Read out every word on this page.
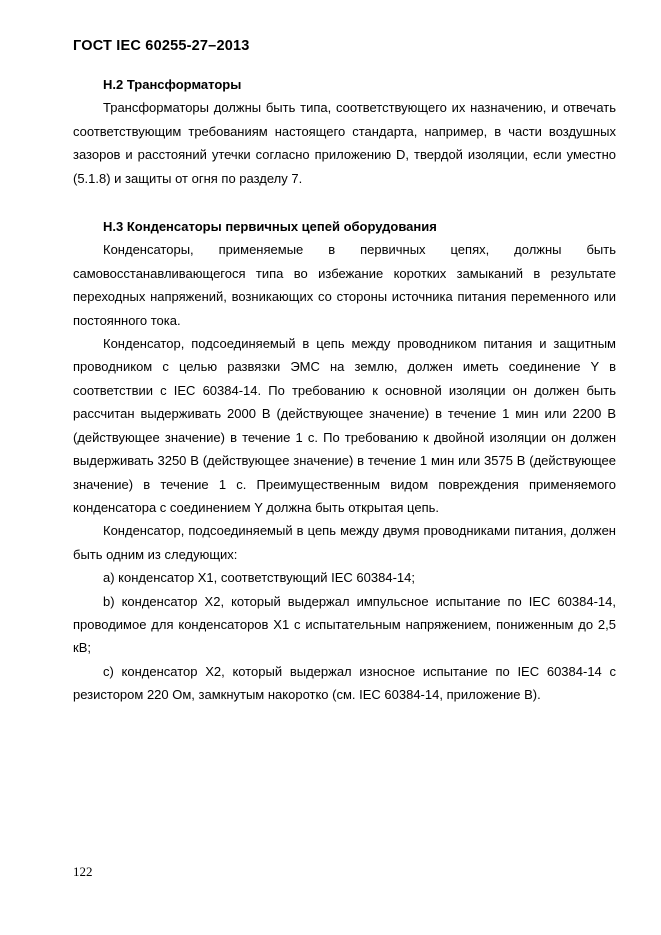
ГОСТ IEC 60255-27–2013

Н.2 Трансформаторы

Трансформаторы должны быть типа, соответствующего их назначению, и отвечать соответствующим требованиям настоящего стандарта, например, в части воздушных зазоров и расстояний утечки согласно приложению D, твердой изоляции, если уместно (5.1.8) и защиты от огня по разделу 7.

Н.3 Конденсаторы первичных цепей оборудования

Конденсаторы, применяемые в первичных цепях, должны быть самовосстанавливающегося типа во избежание коротких замыканий в результате переходных напряжений, возникающих со стороны источника питания переменного или постоянного тока.

Конденсатор, подсоединяемый в цепь между проводником питания и защитным проводником с целью развязки ЭМС на землю, должен иметь соединение Y в соответствии с IEC 60384-14. По требованию к основной изоляции он должен быть рассчитан выдерживать 2000 В (действующее значение) в течение 1 мин или 2200 В (действующее значение) в течение 1 с. По требованию к двойной изоляции он должен выдерживать 3250 В (действующее значение) в течение 1 мин или 3575 В (действующее значение) в течение 1 с. Преимущественным видом повреждения применяемого конденсатора с соединением Y должна быть открытая цепь.

Конденсатор, подсоединяемый в цепь между двумя проводниками питания, должен быть одним из следующих:

a) конденсатор X1, соответствующий IEC 60384-14;

b) конденсатор X2, который выдержал импульсное испытание по IEC 60384-14, проводимое для конденсаторов X1 с испытательным напряжением, пониженным до 2,5 кВ;

c) конденсатор X2, который выдержал износное испытание по IEC 60384-14 с резистором 220 Ом, замкнутым накоротко (см. IEC 60384-14, приложение В).

122
